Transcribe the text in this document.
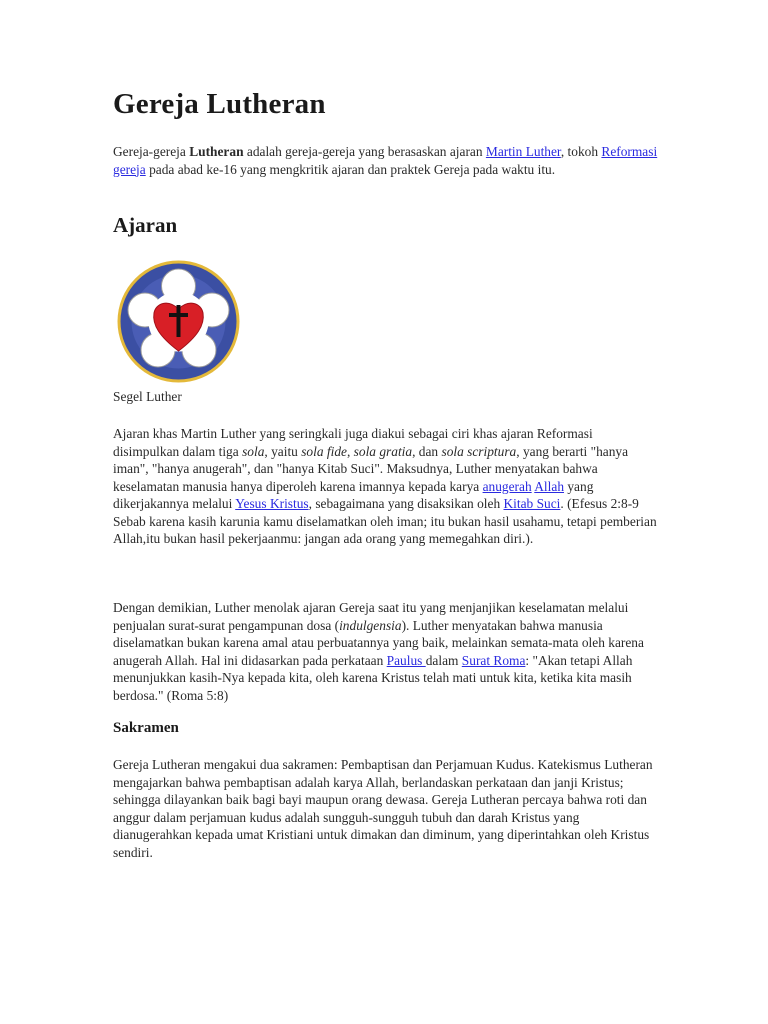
Gereja Lutheran

Gereja-gereja Lutheran adalah gereja-gereja yang berasaskan ajaran Martin Luther, tokoh Reformasi gereja pada abad ke-16 yang mengkritik ajaran dan praktek Gereja pada waktu itu.

Ajaran
Segel Luther

Ajaran khas Martin Luther yang seringkali juga diakui sebagai ciri khas ajaran Reformasi disimpulkan dalam tiga sola, yaitu sola fide, sola gratia, dan sola scriptura, yang berarti "hanya iman", "hanya anugerah", dan "hanya Kitab Suci". Maksudnya, Luther menyatakan bahwa keselamatan manusia hanya diperoleh karena imannya kepada karya anugerah Allah yang dikerjakannya melalui Yesus Kristus, sebagaimana yang disaksikan oleh Kitab Suci. (Efesus 2:8-9 Sebab karena kasih karunia kamu diselamatkan oleh iman; itu bukan hasil usahamu, tetapi pemberian Allah,itu bukan hasil pekerjaanmu: jangan ada orang yang memegahkan diri.).

Dengan demikian, Luther menolak ajaran Gereja saat itu yang menjanjikan keselamatan melalui penjualan surat-surat pengampunan dosa (indulgensia). Luther menyatakan bahwa manusia diselamatkan bukan karena amal atau perbuatannya yang baik, melainkan semata-mata oleh karena anugerah Allah. Hal ini didasarkan pada perkataan Paulus dalam Surat Roma: "Akan tetapi Allah menunjukkan kasih-Nya kepada kita, oleh karena Kristus telah mati untuk kita, ketika kita masih berdosa." (Roma 5:8)

Sakramen

Gereja Lutheran mengakui dua sakramen: Pembaptisan dan Perjamuan Kudus. Katekismus Lutheran mengajarkan bahwa pembaptisan adalah karya Allah, berlandaskan perkataan dan janji Kristus; sehingga dilayankan baik bagi bayi maupun orang dewasa. Gereja Lutheran percaya bahwa roti dan anggur dalam perjamuan kudus adalah sungguh-sungguh tubuh dan darah Kristus yang dianugerahkan kepada umat Kristiani untuk dimakan dan diminum, yang diperintahkan oleh Kristus sendiri.
